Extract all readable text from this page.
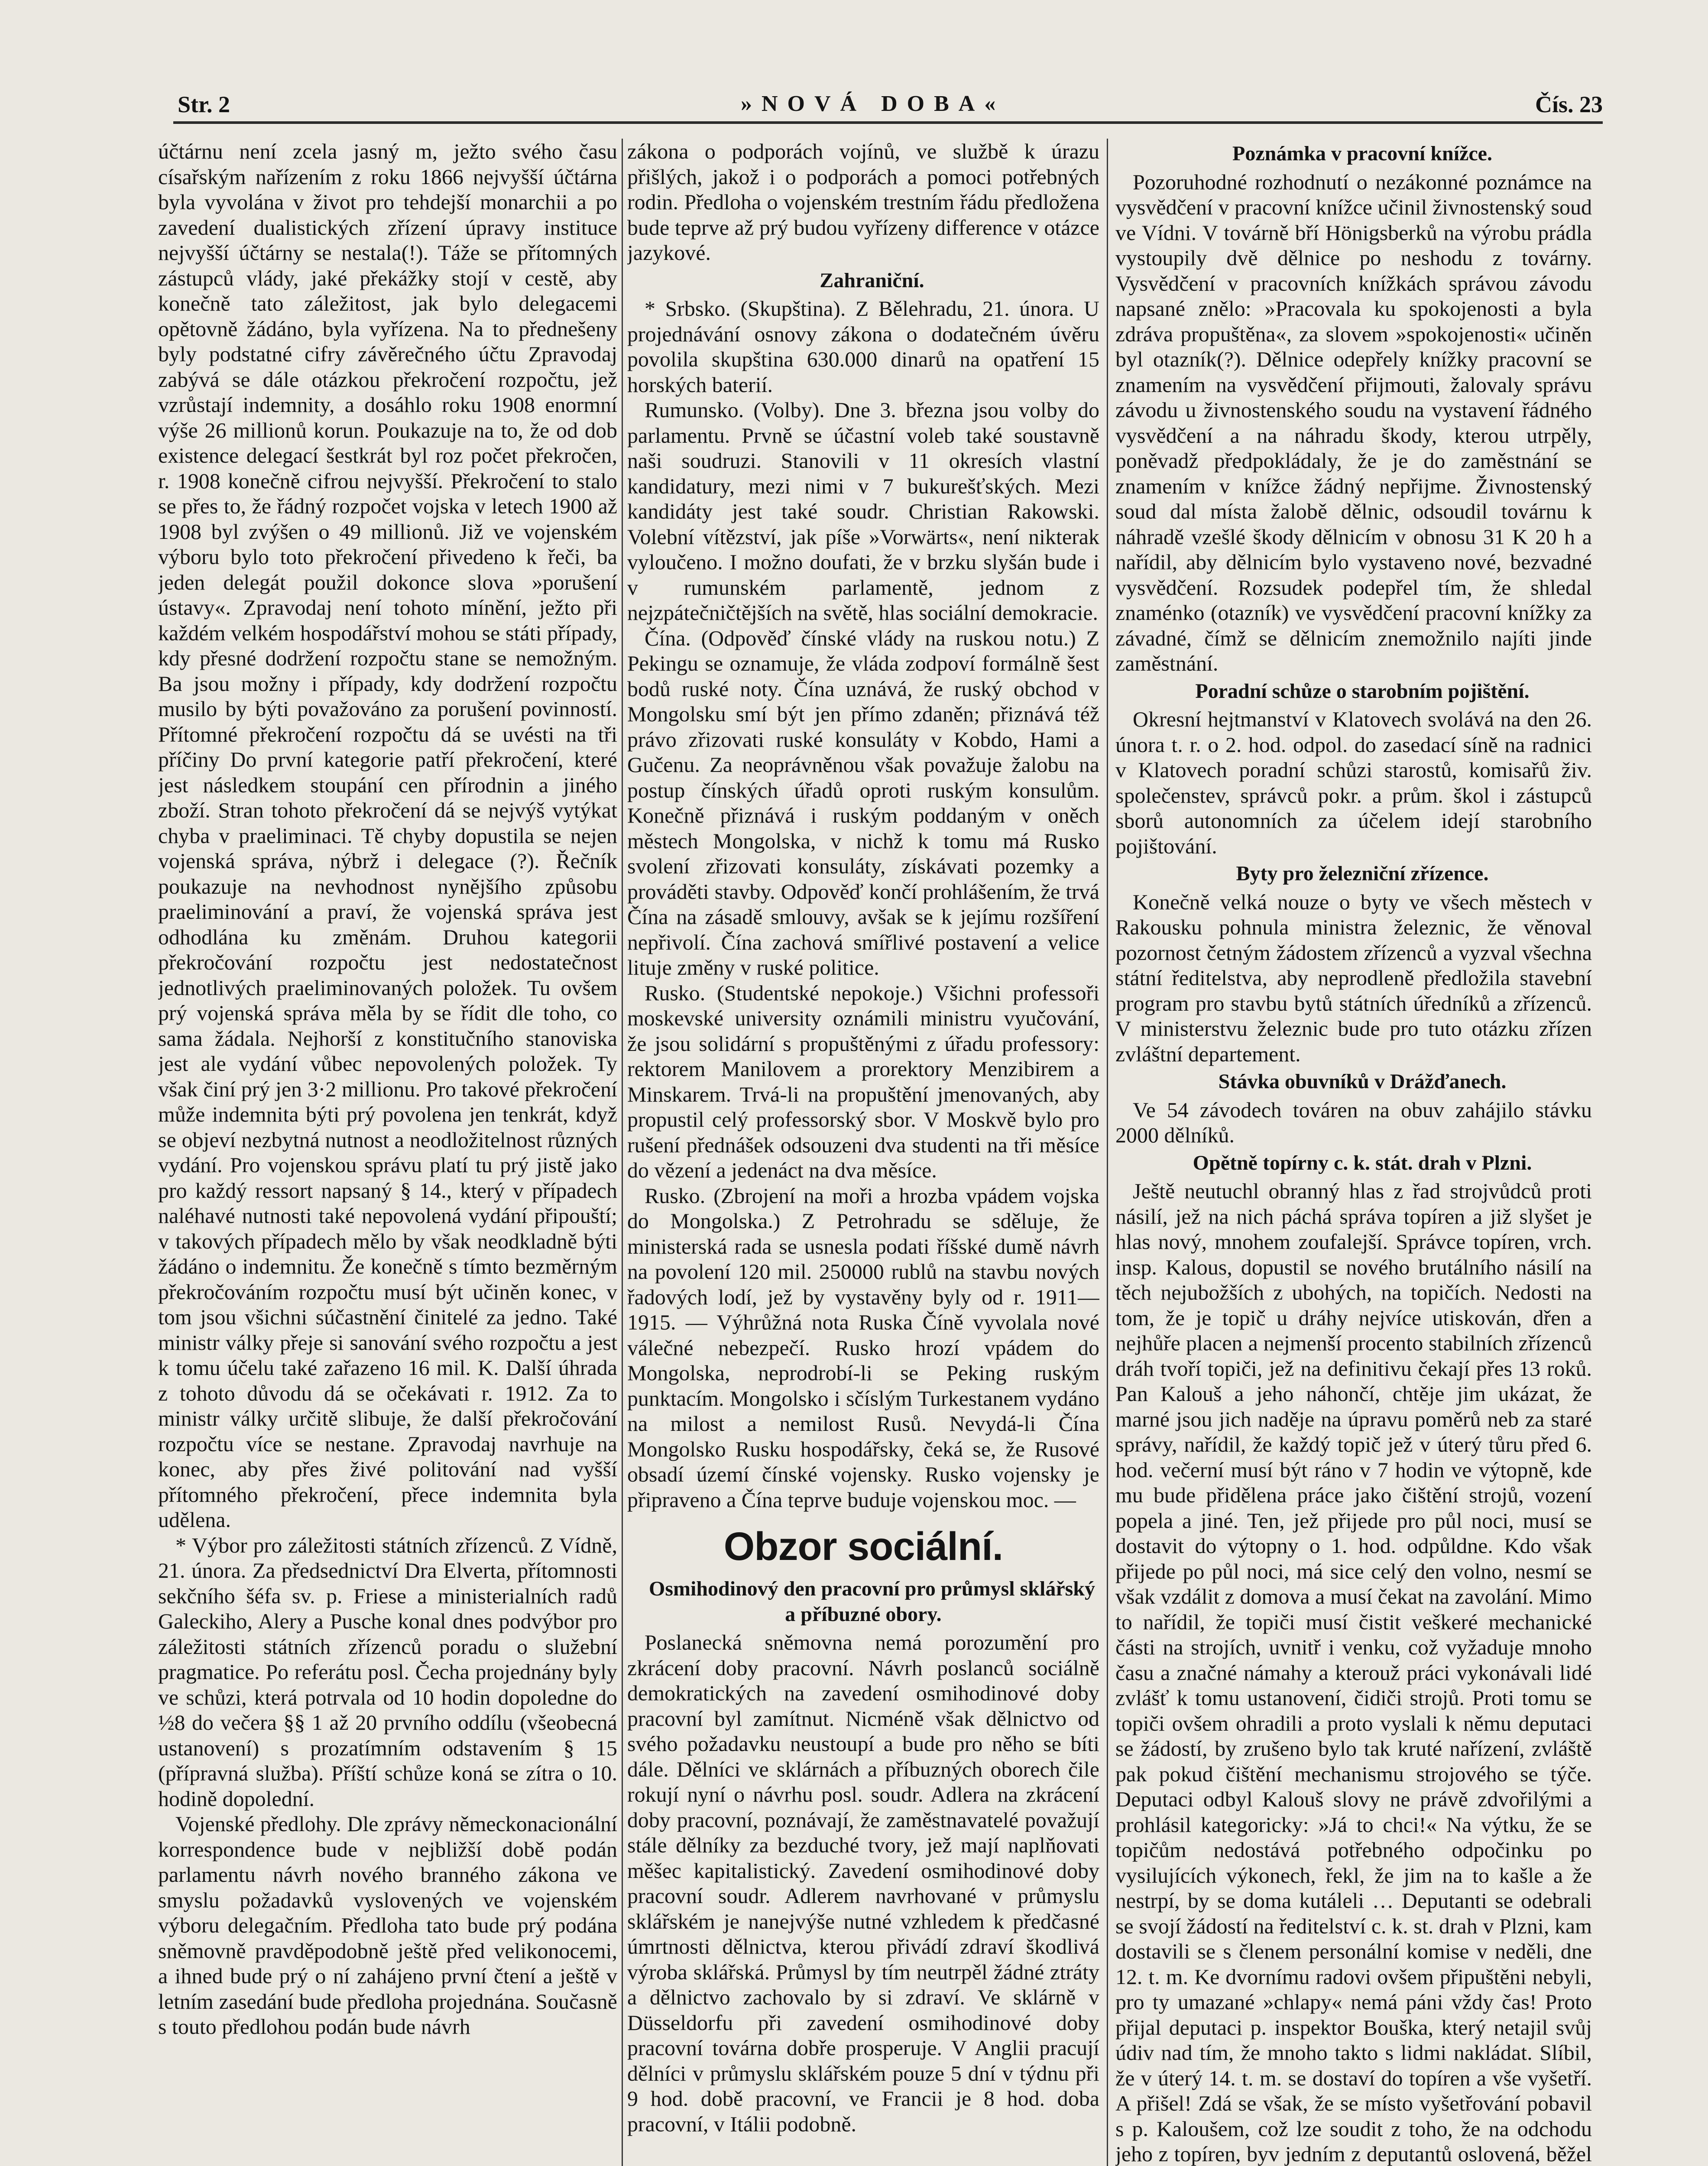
Str. 2	»NOVÁ DOBA«	Čís. 23

účtárnu není zcela jasný m, ježto svého času císařským nařízením z roku 1866 nejvyšší účtárna byla vyvolána v život pro tehdejší monarchii a po zavedení dualistických zřízení úpravy instituce nejvyšší účtárny se nestala(!). Táže se přítomných zástupců vlády, jaké překážky stojí v cestě, aby konečně tato záležitost, jak bylo delegacemi opětovně žádáno, byla vyřízena. Na to přednešeny byly podstatné cifry závěrečného účtu Zpravodaj zabývá se dále otázkou překročení rozpočtu, jež vzrůstají indemnity, a dosáhlo roku 1908 enormní výše 26 millionů korun. Poukazuje na to, že od dob existence delegací šestkrát byl roz počet překročen, r. 1908 konečně cifrou nejvyšší. Překročení to stalo se přes to, že řádný rozpočet vojska v letech 1900 až 1908 byl zvýšen o 49 millionů. Již ve vojenském výboru bylo toto překročení přivedeno k řeči, ba jeden delegát použil dokonce slova »porušení ústavy«. Zpravodaj není tohoto mínění, ježto při každém velkém hospodářství mohou se státi případy, kdy přesné dodržení rozpočtu stane se nemožným. Ba jsou možny i případy, kdy dodržení rozpočtu musilo by býti považováno za porušení povinností. Přítomné překročení rozpočtu dá se uvésti na tři příčiny Do první kategorie patří překročení, které jest následkem stoupání cen přírodnin a jiného zboží. Stran tohoto překročení dá se nejvýš vytýkat chyba v praeliminaci. Tě chyby dopustila se nejen vojenská správa, nýbrž i delegace (?). Řečník poukazuje na nevhodnost nynějšího způsobu praeliminování a praví, že vojenská správa jest odhodlána ku změnám. Druhou kategorii překročování rozpočtu jest nedostatečnost jednotlivých praeliminovaných položek. Tu ovšem prý vojenská správa měla by se řídit dle toho, co sama žádala. Nejhorší z konstitučního stanoviska jest ale vydání vůbec nepovolených položek. Ty však činí prý jen 3·2 millionu. Pro takové překročení může indemnita býti prý povolena jen tenkrát, když se objeví nezbytná nutnost a neodložitelnost různých vydání. Pro vojenskou správu platí tu prý jistě jako pro každý ressort napsaný § 14., který v případech naléhavé nutnosti také nepovolená vydání připouští; v takových případech mělo by však neodkladně býti žádáno o indemnitu. Že konečně s tímto bezměrným překročováním rozpočtu musí být učiněn konec, v tom jsou všichni súčastnění činitelé za jedno. Také ministr války přeje si sanování svého rozpočtu a jest k tomu účelu také zařazeno 16 mil. K. Další úhrada z tohoto důvodu dá se očekávati r. 1912. Za to ministr války určitě slibuje, že další překročování rozpočtu více se nestane. Zpravodaj navrhuje na konec, aby přes živé politování nad vyšší přítomného překročení, přece indemnita byla udělena.

* Výbor pro záležitosti státních zřízenců. Z Vídně, 21. února. Za předsednictví Dra Elverta, přítomnosti sekčního šéfa sv. p. Friese a ministerialních radů Galeckiho, Alery a Pusche konal dnes podvýbor pro záležitosti státních zřízenců poradu o služební pragmatice. Po referátu posl. Čecha projednány byly ve schůzi, která potrvala od 10 hodin dopoledne do ½8 do večera §§ 1 až 20 prvního oddílu (všeobecná ustanovení) s prozatímním odstavením § 15 (přípravná služba). Příští schůze koná se zítra o 10. hodině dopolední.

Vojenské předlohy. Dle zprávy německonacionální korrespondence bude v nejbližší době podán parlamentu návrh nového branného zákona ve smyslu požadavků vyslovených ve vojenském výboru delegačním. Předloha tato bude prý podána sněmovně pravděpodobně ještě před velikonocemi, a ihned bude prý o ní zahájeno první čtení a ještě v letním zasedání bude předloha projednána. Současně s touto předlohou podán bude návrh

zákona o podporách vojínů, ve službě k úrazu přišlých, jakož i o podporách a pomoci potřebných rodin. Předloha o vojenském trestním řádu předložena bude teprve až prý budou vyřízeny difference v otázce jazykové.

Zahraniční.

* Srbsko. (Skupština). Z Bělehradu, 21. února. U projednávání osnovy zákona o dodatečném úvěru povolila skupština 630.000 dinarů na opatření 15 horských baterií.

Rumunsko. (Volby). Dne 3. března jsou volby do parlamentu. Prvně se účastní voleb také soustavně naši soudruzi. Stanovili v 11 okresích vlastní kandidatury, mezi nimi v 7 bukurešťských. Mezi kandidáty jest také soudr. Christian Rakowski. Volební vítězství, jak píše »Vorwärts«, není nikterak vyloučeno. I možno doufati, že v brzku slyšán bude i v rumunském parlamentě, jednom z nejzpátečničtějších na světě, hlas sociální demokracie.

Čína. (Odpověď čínské vlády na ruskou notu.) Z Pekingu se oznamuje, že vláda zodpoví formálně šest bodů ruské noty. Čína uznává, že ruský obchod v Mongolsku smí být jen přímo zdaněn; přiznává též právo zřizovati ruské konsuláty v Kobdo, Hami a Gučenu. Za neoprávněnou však považuje žalobu na postup čínských úřadů oproti ruským konsulům. Konečně přiznává i ruským poddaným v oněch městech Mongolska, v nichž k tomu má Rusko svolení zřizovati konsuláty, získávati pozemky a prováděti stavby. Odpověď končí prohlášením, že trvá Čína na zásadě smlouvy, avšak se k jejímu rozšíření nepřivolí. Čína zachová smířlivé postavení a velice lituje změny v ruské politice.

Rusko. (Studentské nepokoje.) Všichni professoři moskevské university oznámili ministru vyučování, že jsou solidární s propuštěnými z úřadu professory: rektorem Manilovem a prorektory Menzibirem a Minskarem. Trvá-li na propuštění jmenovaných, aby propustil celý professorský sbor. V Moskvě bylo pro rušení přednášek odsouzeni dva studenti na tři měsíce do vězení a jedenáct na dva měsíce.

Rusko. (Zbrojení na moři a hrozba vpádem vojska do Mongolska.) Z Petrohradu se sděluje, že ministerská rada se usnesla podati říšské dumě návrh na povolení 120 mil. 250000 rublů na stavbu nových řadových lodí, jež by vystavěny byly od r. 1911—1915. — Výhrůžná nota Ruska Číně vyvolala nové válečné nebezpečí. Rusko hrozí vpádem do Mongolska, neprodrobí-li se Peking ruským punktacím. Mongolsko i sčíslým Turkestanem vydáno na milost a nemilost Rusů. Nevydá-li Čína Mongolsko Rusku hospodářsky, čeká se, že Rusové obsadí území čínské vojensky. Rusko vojensky je připraveno a Čína teprve buduje vojenskou moc. —

Obzor sociální.

Osmihodinový den pracovní pro průmysl sklářský a příbuzné obory.

Poslanecká sněmovna nemá porozumění pro zkrácení doby pracovní. Návrh poslanců sociálně demokratických na zavedení osmihodinové doby pracovní byl zamítnut. Nicméně však dělnictvo od svého požadavku neustoupí a bude pro něho se bíti dále. Dělníci ve sklárnách a příbuzných oborech čile rokují nyní o návrhu posl. soudr. Adlera na zkrácení doby pracovní, poznávají, že zaměstnavatelé považují stále dělníky za bezduché tvory, jež mají naplňovati měšec kapitalistický. Zavedení osmihodinové doby pracovní soudr. Adlerem navrhované v průmyslu sklářském je nanejvýše nutné vzhledem k předčasné úmrtnosti dělnictva, kterou přivádí zdraví škodlivá výroba sklářská. Průmysl by tím neutrpěl žádné ztráty a dělnictvo zachovalo by si zdraví. Ve sklárně v Düsseldorfu při zavedení osmihodinové doby pracovní továrna dobře prosperuje. V Anglii pracují dělníci v průmyslu sklářském pouze 5 dní v týdnu při 9 hod. době pracovní, ve Francii je 8 hod. doba pracovní, v Itálii podobně.

Poznámka v pracovní knížce.

Pozoruhodné rozhodnutí o nezákonné poznámce na vysvědčení v pracovní knížce učinil živnostenský soud ve Vídni. V továrně bří Hönigsberků na výrobu prádla vystoupily dvě dělnice po neshodu z továrny. Vysvědčení v pracovních knížkách správou závodu napsané znělo: »Pracovala ku spokojenosti a byla zdráva propuštěna«, za slovem »spokojenosti« učiněn byl otazník(?). Dělnice odepřely knížky pracovní se znamením na vysvědčení přijmouti, žalovaly správu závodu u živnostenského soudu na vystavení řádného vysvědčení a na náhradu škody, kterou utrpěly, poněvadž předpokládaly, že je do zaměstnání se znamením v knížce žádný nepřijme. Živnostenský soud dal místa žalobě dělnic, odsoudil továrnu k náhradě vzešlé škody dělnicím v obnosu 31 K 20 h a nařídil, aby dělnicím bylo vystaveno nové, bezvadné vysvědčení. Rozsudek podepřel tím, že shledal znaménko (otazník) ve vysvědčení pracovní knížky za závadné, čímž se dělnicím znemožnilo najíti jinde zaměstnání.

Poradní schůze o starobním pojištění.

Okresní hejtmanství v Klatovech svolává na den 26. února t. r. o 2. hod. odpol. do zasedací síně na radnici v Klatovech poradní schůzi starostů, komisařů živ. společenstev, správců pokr. a prům. škol i zástupců sborů autonomních za účelem idejí starobního pojištování.

Byty pro železniční zřízence.

Konečně velká nouze o byty ve všech městech v Rakousku pohnula ministra železnic, že věnoval pozornost četným žádostem zřízenců a vyzval všechna státní ředitelstva, aby neprodleně předložila stavební program pro stavbu bytů státních úředníků a zřízenců. V ministerstvu železnic bude pro tuto otázku zřízen zvláštní departement.

Stávka obuvníků v Drážďanech.

Ve 54 závodech továren na obuv zahájilo stávku 2000 dělníků.

Opětně topírny c. k. stát. drah v Plzni.

Ještě neutuchl obranný hlas z řad strojvůdců proti násilí, jež na nich páchá správa topíren a již slyšet je hlas nový, mnohem zoufalejší. Správce topíren, vrch. insp. Kalous, dopustil se nového brutálního násilí na těch nejubožších z ubohých, na topičích. Nedosti na tom, že je topič u dráhy nejvíce utiskován, dřen a nejhůře placen a nejmenší procento stabilních zřízenců dráh tvoří topiči, jež na definitivu čekají přes 13 roků. Pan Kalouš a jeho náhončí, chtěje jim ukázat, že marné jsou jich naděje na úpravu poměrů neb za staré správy, nařídil, že každý topič jež v úterý tůru před 6. hod. večerní musí být ráno v 7 hodin ve výtopně, kde mu bude přidělena práce jako čištění strojů, vození popela a jiné. Ten, jež přijede pro půl noci, musí se dostavit do výtopny o 1. hod. odpůldne. Kdo však přijede po půl noci, má sice celý den volno, nesmí se však vzdálit z domova a musí čekat na zavolání. Mimo to nařídil, že topiči musí čistit veškeré mechanické části na strojích, uvnitř i venku, což vyžaduje mnoho času a značné námahy a kterouž práci vykonávali lidé zvlášť k tomu ustanovení, čidiči strojů. Proti tomu se topiči ovšem ohradili a proto vyslali k němu deputaci se žádostí, by zrušeno bylo tak kruté nařízení, zvláště pak pokud čištění mechanismu strojového se týče. Deputaci odbyl Kalouš slovy ne právě zdvořilými a prohlásil kategoricky: »Já to chci!« Na výtku, že se topičům nedostává potřebného odpočinku po vysilujících výkonech, řekl, že jim na to kašle a že nestrpí, by se doma kutáleli … Deputanti se odebrali se svojí žádostí na ředitelství c. k. st. drah v Plzni, kam dostavili se s členem personální komise v neděli, dne 12. t. m. Ke dvornímu radovi ovšem připuštěni nebyli, pro ty umazané »chlapy« nemá páni vždy čas! Proto přijal deputaci p. inspektor Bouška, který netajil svůj údiv nad tím, že mnoho takto s lidmi nakládat. Slíbil, že v úterý 14. t. m. se dostaví do topíren a vše vyšetří. A přišel! Zdá se však, že se místo vyšetřování pobavil s p. Kaloušem, což lze soudit z toho, že na odchodu jeho z topíren, byv jedním z deputantů oslovená, běžel
